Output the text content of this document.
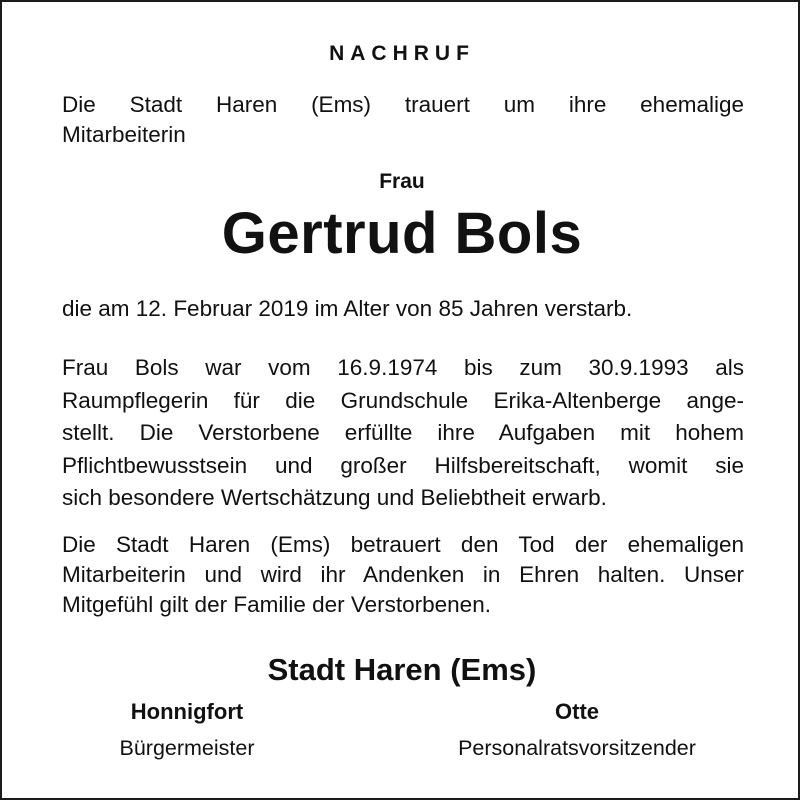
NACHRUF
Die Stadt Haren (Ems) trauert um ihre ehemalige
Mitarbeiterin
Frau
Gertrud Bols
die am 12. Februar 2019 im Alter von 85 Jahren verstarb.
Frau Bols war vom 16.9.1974 bis zum 30.9.1993 als
Raumpflegerin für die Grundschule Erika-Altenberge ange-
stellt. Die Verstorbene erfüllte ihre Aufgaben mit hohem
Pflichtbewusstsein und großer Hilfsbereitschaft, womit sie
sich besondere Wertschätzung und Beliebtheit erwarb.
Die Stadt Haren (Ems) betrauert den Tod der ehemaligen
Mitarbeiterin und wird ihr Andenken in Ehren halten. Unser
Mitgefühl gilt der Familie der Verstorbenen.
Stadt Haren (Ems)
Honnigfort
Bürgermeister
Otte
Personalratsvorsitzender
